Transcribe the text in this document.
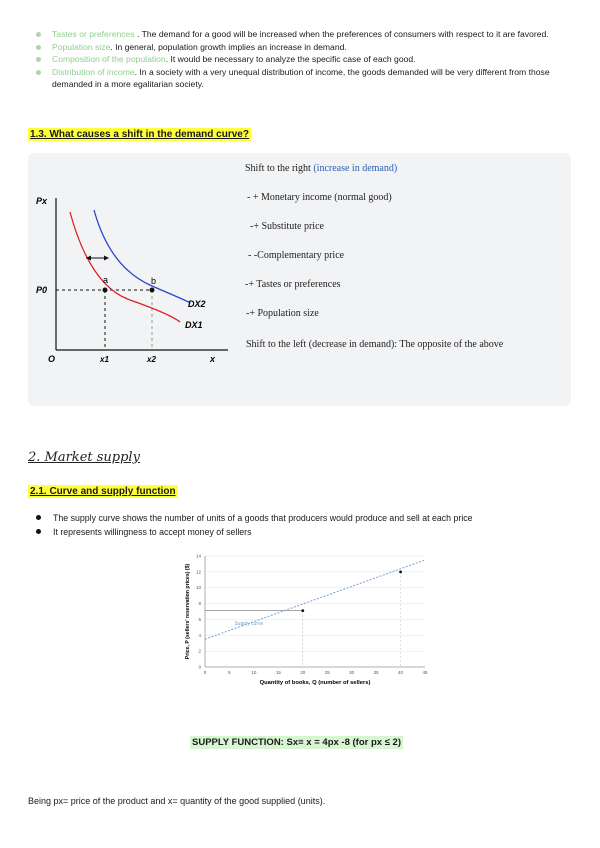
Tastes or preferences . The demand for a good will be increased when the preferences of consumers with respect to it are favored.
Population size. In general, population growth implies an increase in demand.
Composition of the population. It would be necessary to analyze the specific case of each good.
Distribution of income. In a society with a very unequal distribution of income, the goods demanded will be very different from those demanded in a more egalitarian society.
1.3. What causes a shift in the demand curve?
Px
P0
O	x
x1	x2
a	b
DX2
DX1
Shift to the right (increase in demand)
- + Monetary income (normal good)
-+ Substitute price
- -Complementary price
-+ Tastes or preferences
-+ Population size
Shift to the left (decrease in demand): The opposite of the above
2. Market supply
2.1. Curve and supply function
The supply curve shows the number of units of a goods that producers would produce and sell at each price
It represents willingness to accept money of sellers
0
2
4
6
8
10
12
14
0	5	10	15	20	25	30	35	40	45
Supply curve
Quantity of books, Q (number of sellers)
Price, P (sellers' reservation prices) ($)
SUPPLY FUNCTION: Sx≡ x = 4px -8 (for px ≤ 2)
Being px= price of the product and x= quantity of the good supplied (units).
